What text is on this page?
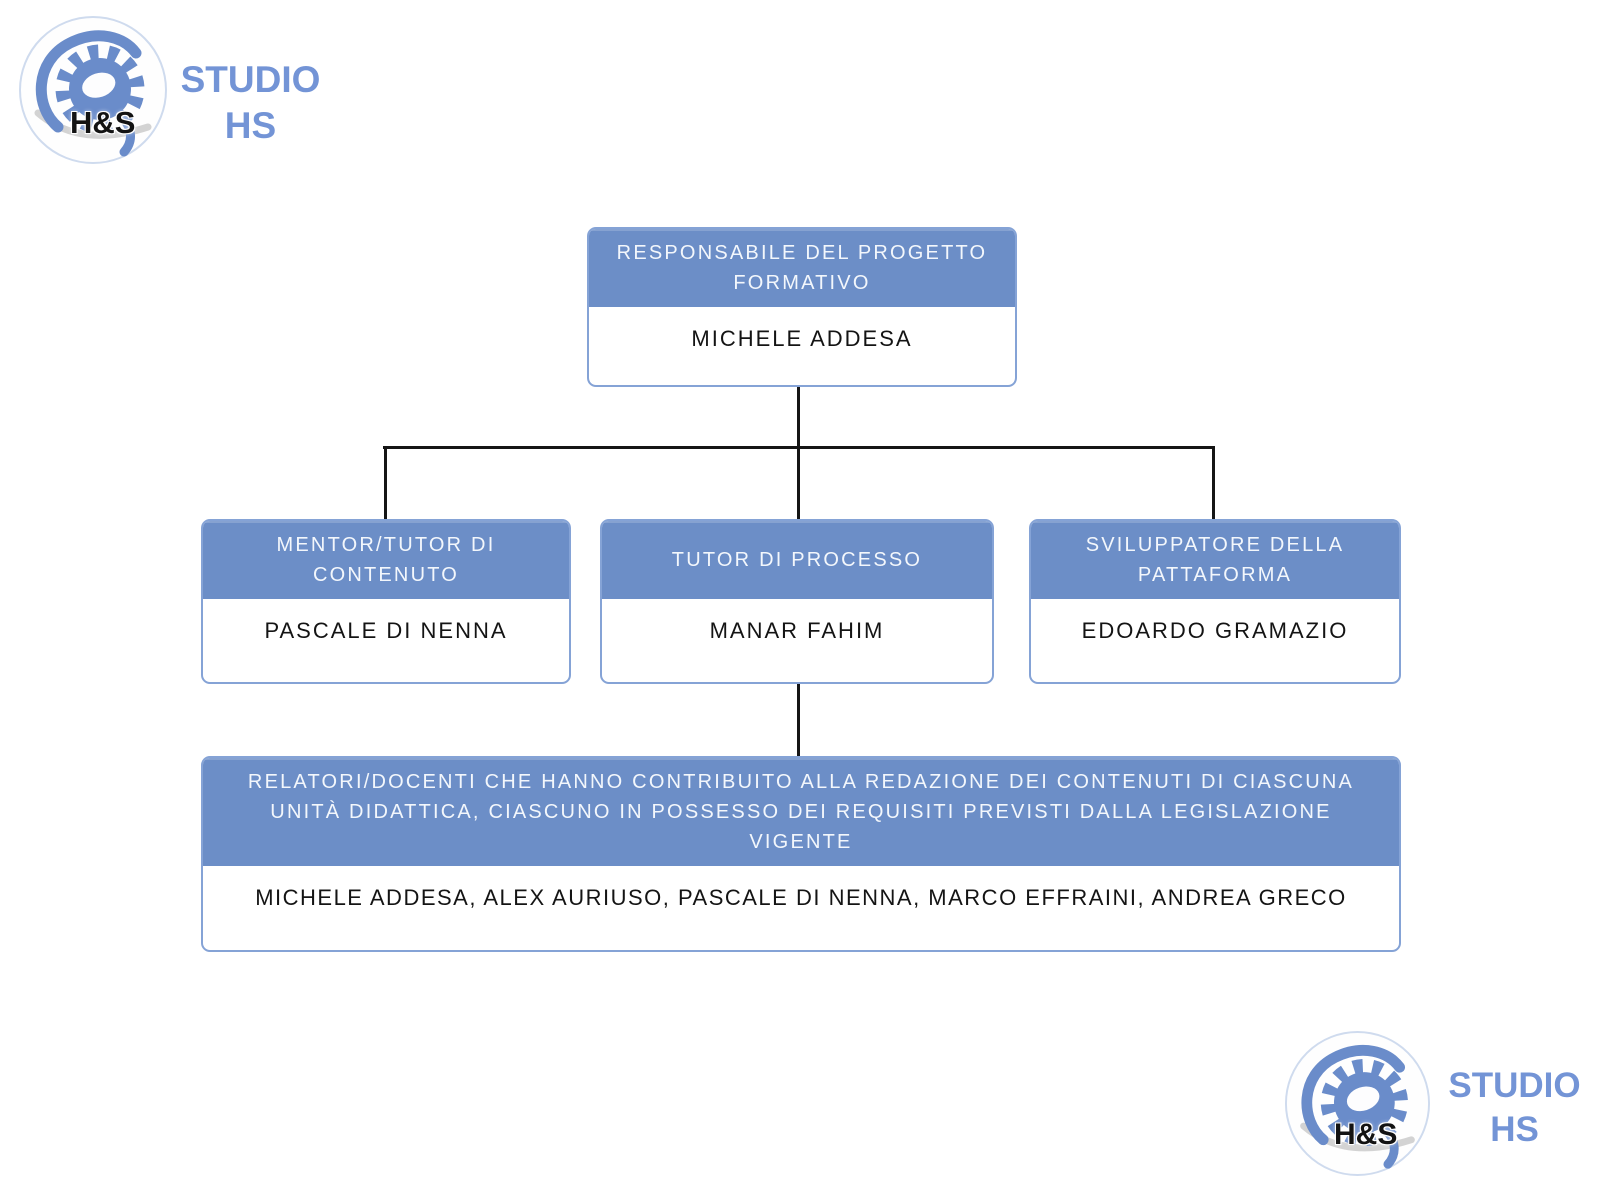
H&S
STUDIO
HS
RESPONSABILE DEL PROGETTO FORMATIVO
MICHELE ADDESA
MENTOR/TUTOR DI CONTENUTO
PASCALE DI NENNA
TUTOR DI PROCESSO
MANAR FAHIM
SVILUPPATORE DELLA PATTAFORMA
EDOARDO GRAMAZIO
RELATORI/DOCENTI CHE HANNO CONTRIBUITO ALLA REDAZIONE DEI CONTENUTI DI CIASCUNA UNITÀ DIDATTICA, CIASCUNO IN POSSESSO DEI REQUISITI PREVISTI DALLA LEGISLAZIONE VIGENTE
MICHELE ADDESA, ALEX AURIUSO, PASCALE DI NENNA, MARCO EFFRAINI, ANDREA GRECO
H&S
STUDIO
HS
